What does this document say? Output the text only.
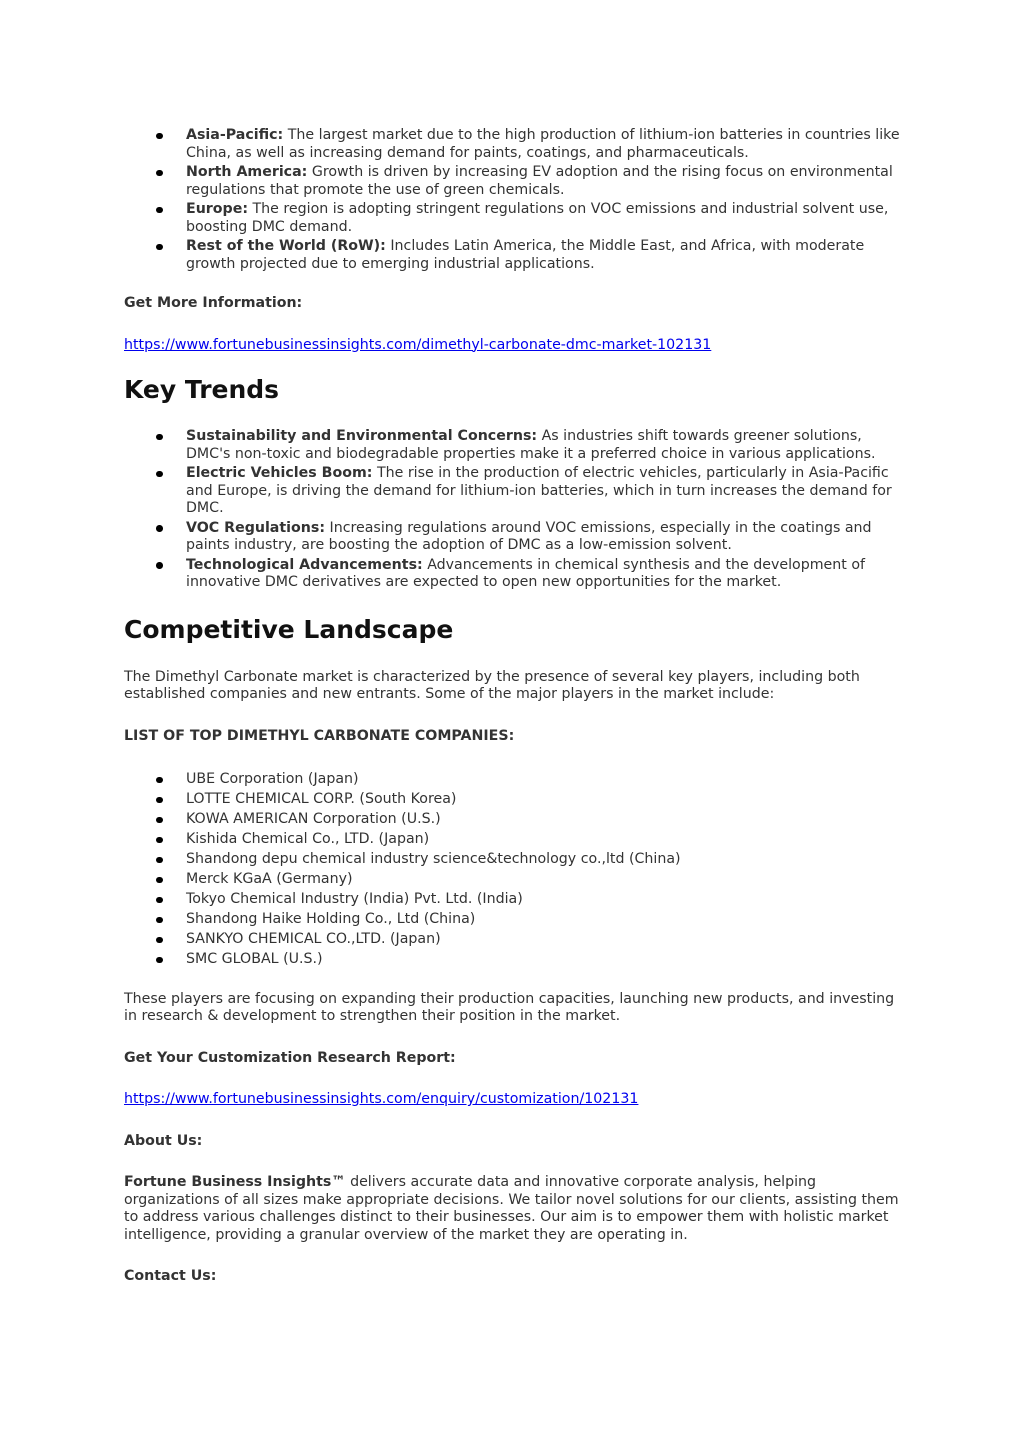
Asia-Pacific: The largest market due to the high production of lithium-ion batteries in countries like China, as well as increasing demand for paints, coatings, and pharmaceuticals.
North America: Growth is driven by increasing EV adoption and the rising focus on environmental regulations that promote the use of green chemicals.
Europe: The region is adopting stringent regulations on VOC emissions and industrial solvent use, boosting DMC demand.
Rest of the World (RoW): Includes Latin America, the Middle East, and Africa, with moderate growth projected due to emerging industrial applications.

Get More Information:

https://www.fortunebusinessinsights.com/dimethyl-carbonate-dmc-market-102131

Key Trends
Sustainability and Environmental Concerns: As industries shift towards greener solutions, DMC's non-toxic and biodegradable properties make it a preferred choice in various applications.
Electric Vehicles Boom: The rise in the production of electric vehicles, particularly in Asia-Pacific and Europe, is driving the demand for lithium-ion batteries, which in turn increases the demand for DMC.
VOC Regulations: Increasing regulations around VOC emissions, especially in the coatings and paints industry, are boosting the adoption of DMC as a low-emission solvent.
Technological Advancements: Advancements in chemical synthesis and the development of innovative DMC derivatives are expected to open new opportunities for the market.
Competitive Landscape

The Dimethyl Carbonate market is characterized by the presence of several key players, including both established companies and new entrants. Some of the major players in the market include:

LIST OF TOP DIMETHYL CARBONATE COMPANIES:

UBE Corporation (Japan)
LOTTE CHEMICAL CORP. (South Korea)
KOWA AMERICAN Corporation (U.S.)
Kishida Chemical Co., LTD. (Japan)
Shandong depu chemical industry science&technology co.,ltd (China)
Merck KGaA (Germany)
Tokyo Chemical Industry (India) Pvt. Ltd. (India)
Shandong Haike Holding Co., Ltd (China)
SANKYO CHEMICAL CO.,LTD. (Japan)
SMC GLOBAL (U.S.)

These players are focusing on expanding their production capacities, launching new products, and investing in research & development to strengthen their position in the market.

Get Your Customization Research Report:

https://www.fortunebusinessinsights.com/enquiry/customization/102131

About Us:

Fortune Business Insights™ delivers accurate data and innovative corporate analysis, helping organizations of all sizes make appropriate decisions. We tailor novel solutions for our clients, assisting them to address various challenges distinct to their businesses. Our aim is to empower them with holistic market intelligence, providing a granular overview of the market they are operating in.

Contact Us:
